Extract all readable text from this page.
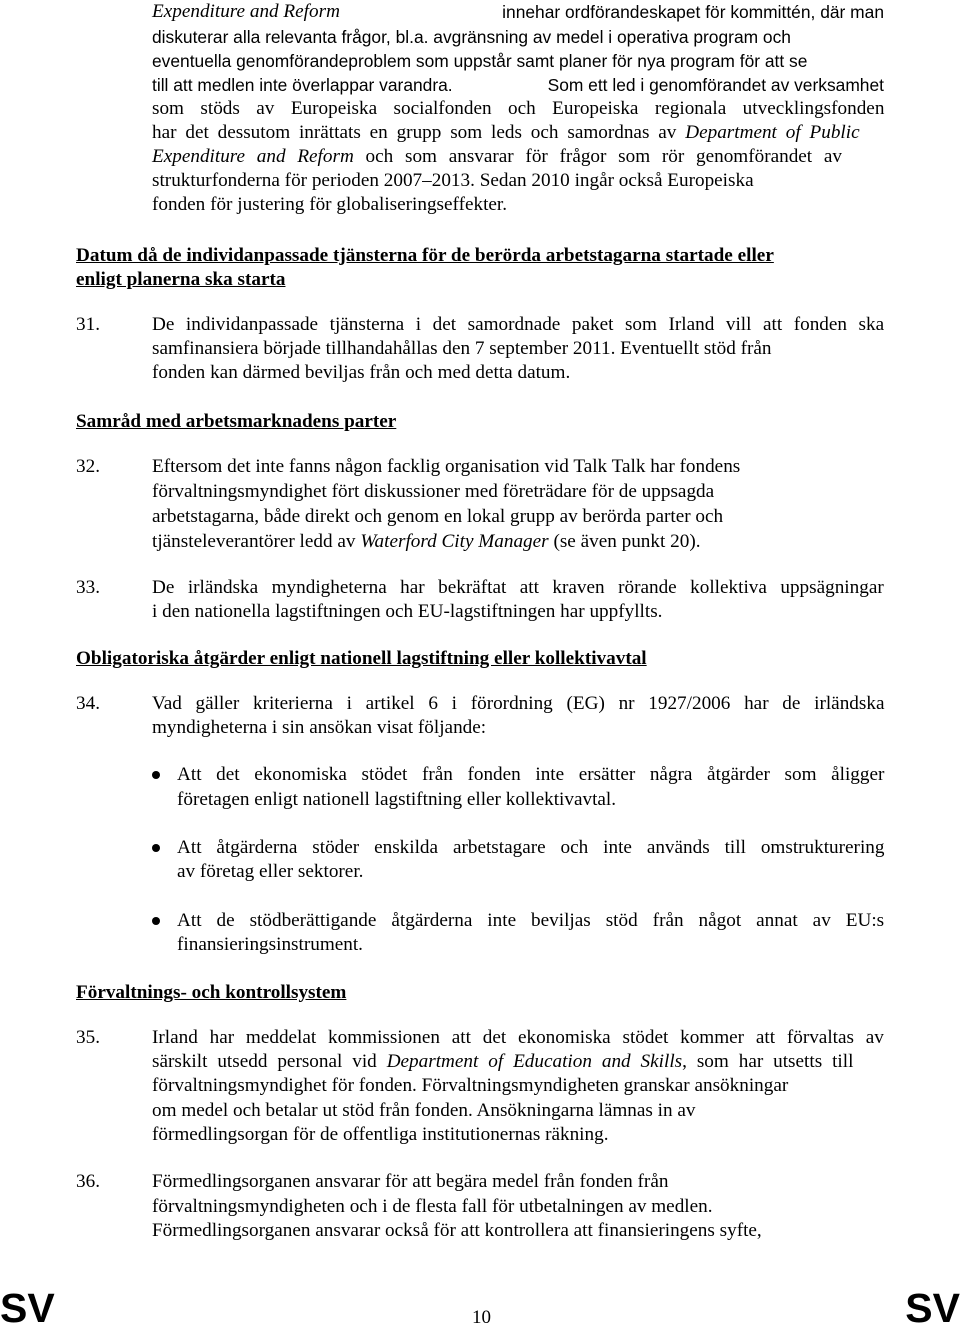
Expenditure and Reform	innehar ordförandeskapet för kommittén, där man
diskuterar alla relevanta frågor, bl.a. avgränsning av medel i operativa program och
eventuella genomförandeproblem som uppstår samt planer för nya program för att se
till att medlen inte överlappar varandra.	Som ett led i genomförandet av verksamhet
som stöds av Europeiska socialfonden och Europeiska regionala utvecklingsfonden
har det dessutom inrättats en grupp som leds och samordnas av Department of Public
Expenditure and Reform och som ansvarar för frågor som rör genomförandet av
strukturfonderna för perioden 2007–2013. Sedan 2010 ingår också Europeiska
fonden för justering för globaliseringseffekter.
Datum då de individanpassade tjänsterna för de berörda arbetstagarna startade eller
enligt planerna ska starta
31.	De individanpassade tjänsterna i det samordnade paket som Irland vill att fonden ska
samfinansiera började tillhandahållas den 7 september 2011. Eventuellt stöd från
fonden kan därmed beviljas från och med detta datum.
Samråd med arbetsmarknadens parter
32.	Eftersom det inte fanns någon facklig organisation vid Talk Talk har fondens
förvaltningsmyndighet fört diskussioner med företrädare för de uppsagda
arbetstagarna, både direkt och genom en lokal grupp av berörda parter och
tjänsteleverantörer ledd av Waterford City Manager (se även punkt 20).
33.	De irländska myndigheterna har bekräftat att kraven rörande kollektiva uppsägningar
i den nationella lagstiftningen och EU-lagstiftningen har uppfyllts.
Obligatoriska åtgärder enligt nationell lagstiftning eller kollektivavtal
34.	Vad gäller kriterierna i artikel 6 i förordning (EG) nr 1927/2006 har de irländska
myndigheterna i sin ansökan visat följande:
Att det ekonomiska stödet från fonden inte ersätter några åtgärder som åligger
företagen enligt nationell lagstiftning eller kollektivavtal.
Att åtgärderna stöder enskilda arbetstagare och inte används till omstrukturering
av företag eller sektorer.
Att de stödberättigande åtgärderna inte beviljas stöd från något annat av EU:s
finansieringsinstrument.
Förvaltnings- och kontrollsystem
35.	Irland har meddelat kommissionen att det ekonomiska stödet kommer att förvaltas av
särskilt utsedd personal vid Department of Education and Skills, som har utsetts till
förvaltningsmyndighet för fonden. Förvaltningsmyndigheten granskar ansökningar
om medel och betalar ut stöd från fonden. Ansökningarna lämnas in av
förmedlingsorgan för de offentliga institutionernas räkning.
36.	Förmedlingsorganen ansvarar för att begära medel från fonden från
förvaltningsmyndigheten och i de flesta fall för utbetalningen av medlen.
Förmedlingsorganen ansvarar också för att kontrollera att finansieringens syfte,
SV	10	SV
